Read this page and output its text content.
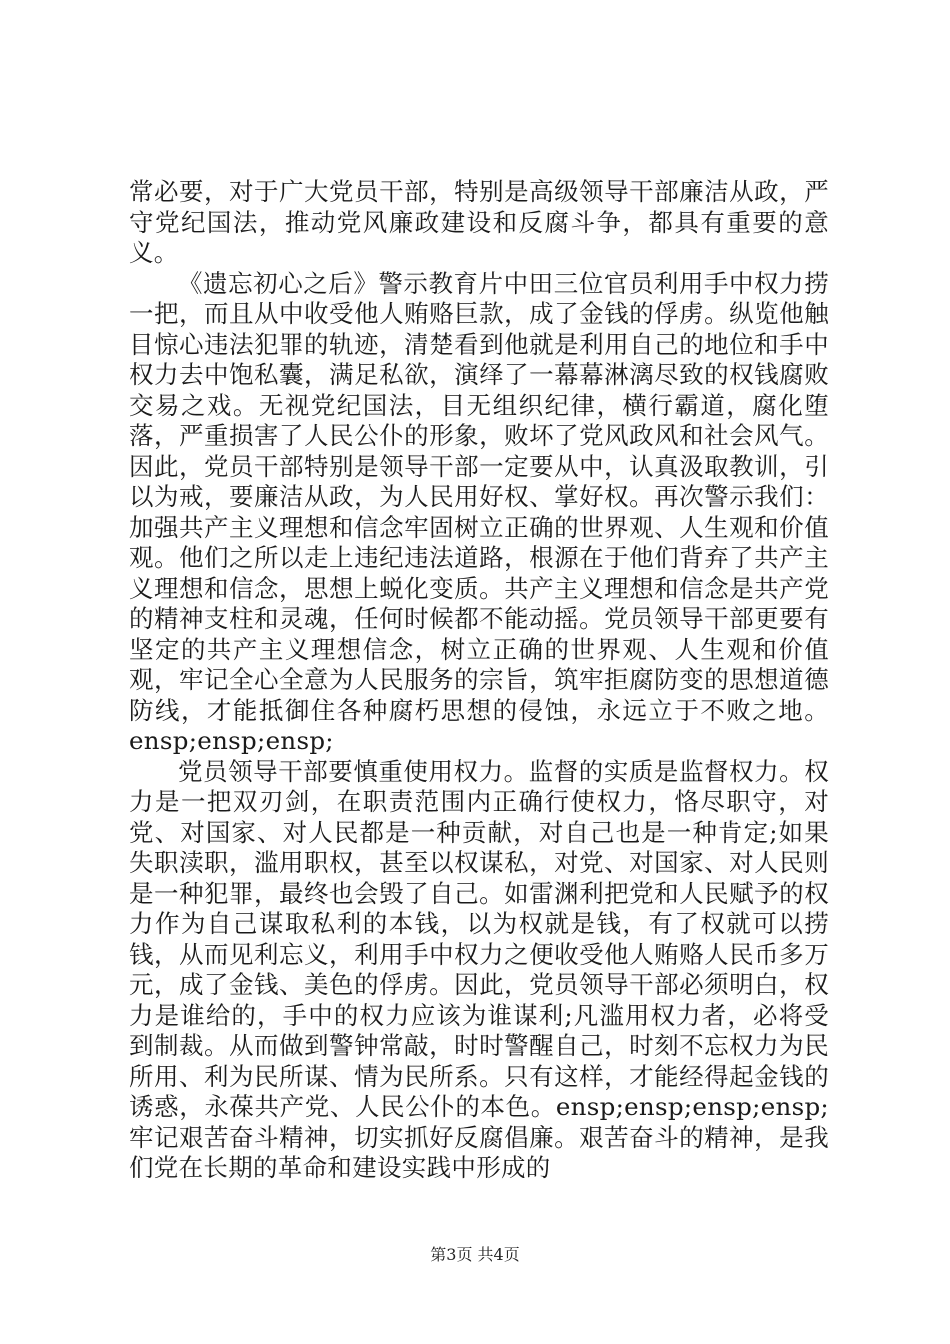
常必要，对于广大党员干部，特别是高级领导干部廉洁从政，严守党纪国法，推动党风廉政建设和反腐斗争，都具有重要的意义。

《遗忘初心之后》警示教育片中田三位官员利用手中权力捞一把，而且从中收受他人贿赂巨款，成了金钱的俘虏。纵览他触目惊心违法犯罪的轨迹，清楚看到他就是利用自己的地位和手中权力去中饱私囊，满足私欲，演绎了一幕幕淋漓尽致的权钱腐败交易之戏。无视党纪国法，目无组织纪律，横行霸道，腐化堕落，严重损害了人民公仆的形象，败坏了党风政风和社会风气。因此，党员干部特别是领导干部一定要从中，认真汲取教训，引以为戒，要廉洁从政，为人民用好权、掌好权。再次警示我们：加强共产主义理想和信念牢固树立正确的世界观、人生观和价值观。他们之所以走上违纪违法道路，根源在于他们背弃了共产主义理想和信念，思想上蜕化变质。共产主义理想和信念是共产党的精神支柱和灵魂，任何时候都不能动摇。党员领导干部更要有坚定的共产主义理想信念，树立正确的世界观、人生观和价值观，牢记全心全意为人民服务的宗旨，筑牢拒腐防变的思想道德防线，才能抵御住各种腐朽思想的侵蚀，永远立于不败之地。ensp;ensp;ensp;

党员领导干部要慎重使用权力。监督的实质是监督权力。权力是一把双刃剑，在职责范围内正确行使权力，恪尽职守，对党、对国家、对人民都是一种贡献，对自己也是一种肯定;如果失职渎职，滥用职权，甚至以权谋私，对党、对国家、对人民则是一种犯罪，最终也会毁了自己。如雷渊利把党和人民赋予的权力作为自己谋取私利的本钱，以为权就是钱，有了权就可以捞钱，从而见利忘义，利用手中权力之便收受他人贿赂人民币多万元，成了金钱、美色的俘虏。因此，党员领导干部必须明白，权力是谁给的，手中的权力应该为谁谋利;凡滥用权力者，必将受到制裁。从而做到警钟常敲，时时警醒自己，时刻不忘权力为民所用、利为民所谋、情为民所系。只有这样，才能经得起金钱的诱惑，永葆共产党、人民公仆的本色。ensp;ensp;ensp;ensp;牢记艰苦奋斗精神，切实抓好反腐倡廉。艰苦奋斗的精神，是我们党在长期的革命和建设实践中形成的

第3页 共4页
